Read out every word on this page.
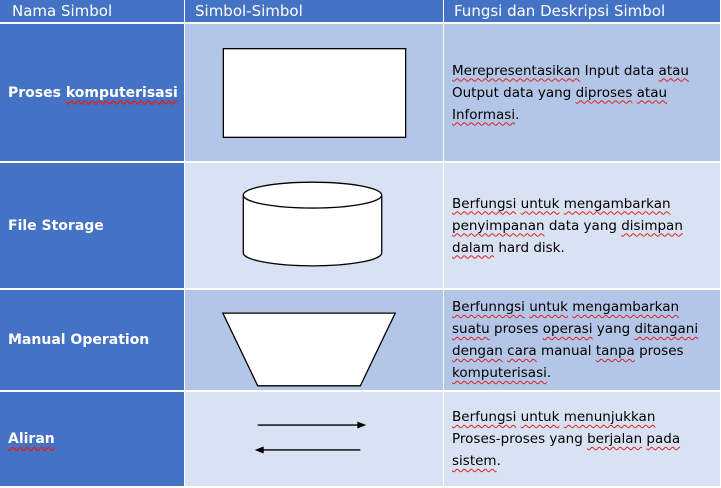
Nama Simbol	Simbol-Simbol	Fungsi dan Deskripsi Simbol
Proses
komputerisasi

Merepresentasikan Input data atau
Output data yang diproses atau
Informasi.

File Storage

Berfungsi untuk mengambarkan
penyimpanan data yang disimpan
dalam hard disk.

Manual Operation

Berfunngsi untuk mengambarkan
suatu proses operasi yang ditangani
dengan cara manual tanpa proses
komputerisasi.

Aliran

Berfungsi untuk menunjukkan
Proses-proses yang berjalan pada
sistem.
